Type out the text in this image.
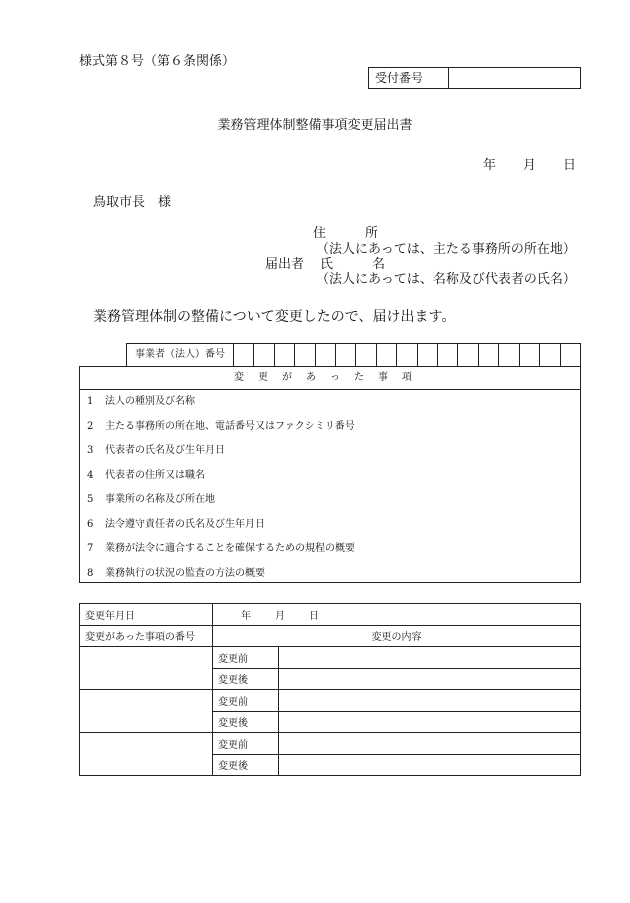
様式第８号（第６条関係）
受付番号
業務管理体制整備事項変更届出書
年 月 日
鳥取市長　様
住　　　所
（法人にあっては、主たる事務所の所在地）
届出者 氏　　　名
（法人にあっては、名称及び代表者の氏名）
業務管理体制の整備について変更したので、届け出ます。
事業者（法人）番号
変更があった事項
1 法人の種別及び名称
2 主たる事務所の所在地、電話番号又はファクシミリ番号
3 代表者の氏名及び生年月日
4 代表者の住所又は職名
5 事業所の名称及び所在地
6 法令遵守責任者の氏名及び生年月日
7 業務が法令に適合することを確保するための規程の概要
8 業務執行の状況の監査の方法の概要
変更年月日	年 月 日	
変更があった事項の番号	変更の内容	
	変更前	
	変更後	
	変更前	
	変更後	
	変更前	
	変更後	
